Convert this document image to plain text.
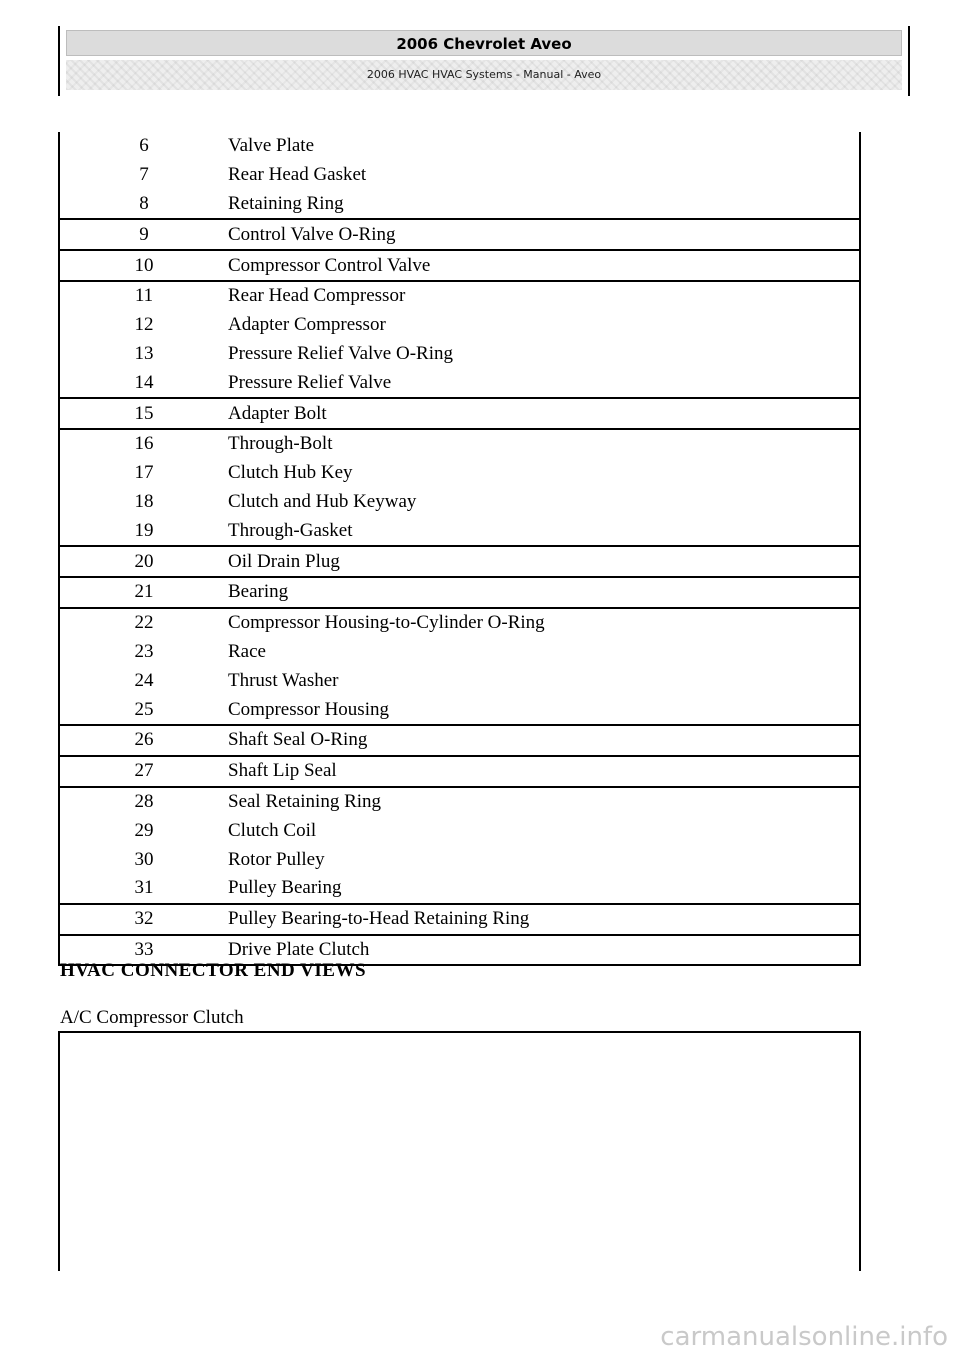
2006 Chevrolet Aveo
2006 HVAC HVAC Systems - Manual - Aveo
6	Valve Plate
7	Rear Head Gasket
8	Retaining Ring
9	Control Valve O-Ring
10	Compressor Control Valve
11	Rear Head Compressor
12	Adapter Compressor
13	Pressure Relief Valve O-Ring
14	Pressure Relief Valve
15	Adapter Bolt
16	Through-Bolt
17	Clutch Hub Key
18	Clutch and Hub Keyway
19	Through-Gasket
20	Oil Drain Plug
21	Bearing
22	Compressor Housing-to-Cylinder O-Ring
23	Race
24	Thrust Washer
25	Compressor Housing
26	Shaft Seal O-Ring
27	Shaft Lip Seal
28	Seal Retaining Ring
29	Clutch Coil
30	Rotor Pulley
31	Pulley Bearing
32	Pulley Bearing-to-Head Retaining Ring
33	Drive Plate Clutch
HVAC CONNECTOR END VIEWS
A/C Compressor Clutch
carmanualsonline.info
